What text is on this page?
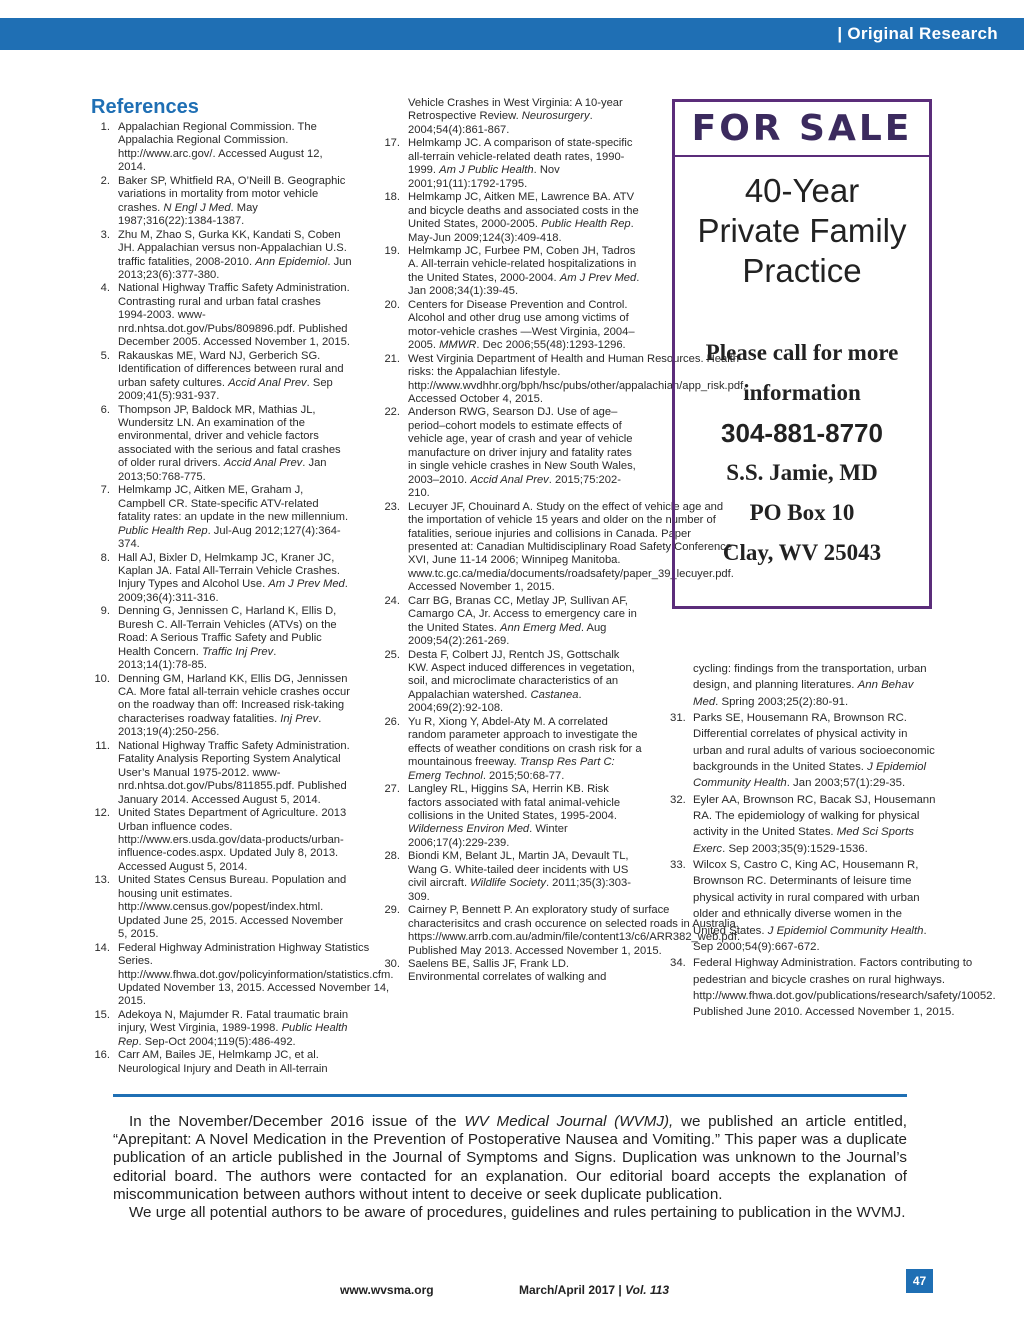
| Original Research
References
1. Appalachian Regional Commission. The Appalachia Regional Commission. http://www.arc.gov/. Accessed August 12, 2014.
2. Baker SP, Whitfield RA, O’Neill B. Geographic variations in mortality from motor vehicle crashes. N Engl J Med. May 1987;316(22):1384-1387.
3. Zhu M, Zhao S, Gurka KK, Kandati S, Coben JH. Appalachian versus non-Appalachian U.S. traffic fatalities, 2008-2010. Ann Epidemiol. Jun 2013;23(6):377-380.
4. National Highway Traffic Safety Administration. Contrasting rural and urban fatal crashes 1994-2003. www-nrd.nhtsa.dot.gov/Pubs/809896.pdf. Published December 2005. Accessed November 1, 2015.
5. Rakauskas ME, Ward NJ, Gerberich SG. Identification of differences between rural and urban safety cultures. Accid Anal Prev. Sep 2009;41(5):931-937.
6. Thompson JP, Baldock MR, Mathias JL, Wundersitz LN. An examination of the environmental, driver and vehicle factors associated with the serious and fatal crashes of older rural drivers. Accid Anal Prev. Jan 2013;50:768-775.
7. Helmkamp JC, Aitken ME, Graham J, Campbell CR. State-specific ATV-related fatality rates: an update in the new millennium. Public Health Rep. Jul-Aug 2012;127(4):364-374.
8. Hall AJ, Bixler D, Helmkamp JC, Kraner JC, Kaplan JA. Fatal All-Terrain Vehicle Crashes. Injury Types and Alcohol Use. Am J Prev Med. 2009;36(4):311-316.
9. Denning G, Jennissen C, Harland K, Ellis D, Buresh C. All-Terrain Vehicles (ATVs) on the Road: A Serious Traffic Safety and Public Health Concern. Traffic Inj Prev. 2013;14(1):78-85.
10. Denning GM, Harland KK, Ellis DG, Jennissen CA. More fatal all-terrain vehicle crashes occur on the roadway than off: Increased risk-taking characterises roadway fatalities. Inj Prev. 2013;19(4):250-256.
11. National Highway Traffic Safety Administration. Fatality Analysis Reporting System Analytical User’s Manual 1975-2012. www-nrd.nhtsa.dot.gov/Pubs/811855.pdf. Published January 2014. Accessed August 5, 2014.
12. United States Department of Agriculture. 2013 Urban influence codes. http://www.ers.usda.gov/data-products/urban-influence-codes.aspx. Updated July 8, 2013. Accessed August 5, 2014.
13. United States Census Bureau. Population and housing unit estimates. http://www.census.gov/popest/index.html. Updated June 25, 2015. Accessed November 5, 2015.
14. Federal Highway Administration Highway Statistics Series. http://www.fhwa.dot.gov/policyinformation/statistics.cfm. Updated November 13, 2015. Accessed November 14, 2015.
15. Adekoya N, Majumder R. Fatal traumatic brain injury, West Virginia, 1989-1998. Public Health Rep. Sep-Oct 2004;119(5):486-492.
16. Carr AM, Bailes JE, Helmkamp JC, et al. Neurological Injury and Death in All-terrain
Vehicle Crashes in West Virginia: A 10-year Retrospective Review. Neurosurgery. 2004;54(4):861-867.
17. Helmkamp JC. A comparison of state-specific all-terrain vehicle-related death rates, 1990-1999. Am J Public Health. Nov 2001;91(11):1792-1795.
18. Helmkamp JC, Aitken ME, Lawrence BA. ATV and bicycle deaths and associated costs in the United States, 2000-2005. Public Health Rep. May-Jun 2009;124(3):409-418.
19. Helmkamp JC, Furbee PM, Coben JH, Tadros A. All-terrain vehicle-related hospitalizations in the United States, 2000-2004. Am J Prev Med. Jan 2008;34(1):39-45.
20. Centers for Disease Prevention and Control. Alcohol and other drug use among victims of motor-vehicle crashes —West Virginia, 2004–2005. MMWR. Dec 2006;55(48):1293-1296.
21. West Virginia Department of Health and Human Resources. Health risks: the Appalachian lifestyle. http://www.wvdhhr.org/bph/hsc/pubs/other/appalachian/app_risk.pdf. Accessed October 4, 2015.
22. Anderson RWG, Searson DJ. Use of age–period–cohort models to estimate effects of vehicle age, year of crash and year of vehicle manufacture on driver injury and fatality rates in single vehicle crashes in New South Wales, 2003–2010. Accid Anal Prev. 2015;75:202-210.
23. Lecuyer JF, Chouinard A. Study on the effect of vehicle age and the importation of vehicle 15 years and older on the number of fatalities, serioue injuries and collisions in Canada. Paper presented at: Canadian Multidisciplinary Road Safety Conference XVI, June 11-14 2006; Winnipeg Manitoba. www.tc.gc.ca/media/documents/roadsafety/paper_39_lecuyer.pdf. Accessed November 1, 2015.
24. Carr BG, Branas CC, Metlay JP, Sullivan AF, Camargo CA, Jr. Access to emergency care in the United States. Ann Emerg Med. Aug 2009;54(2):261-269.
25. Desta F, Colbert JJ, Rentch JS, Gottschalk KW. Aspect induced differences in vegetation, soil, and microclimate characteristics of an Appalachian watershed. Castanea. 2004;69(2):92-108.
26. Yu R, Xiong Y, Abdel-Aty M. A correlated random parameter approach to investigate the effects of weather conditions on crash risk for a mountainous freeway. Transp Res Part C: Emerg Technol. 2015;50:68-77.
27. Langley RL, Higgins SA, Herrin KB. Risk factors associated with fatal animal-vehicle collisions in the United States, 1995-2004. Wilderness Environ Med. Winter 2006;17(4):229-239.
28. Biondi KM, Belant JL, Martin JA, Devault TL, Wang G. White-tailed deer incidents with US civil aircraft. Wildlife Society. 2011;35(3):303-309.
29. Cairney P, Bennett P. An exploratory study of surface characterisitcs and crash occurence on selected roads in Australia. https://www.arrb.com.au/admin/file/content13/c6/ARR382_web.pdf. Published May 2013. Accessed November 1, 2015.
30. Saelens BE, Sallis JF, Frank LD. Environmental correlates of walking and
cycling: findings from the transportation, urban design, and planning literatures. Ann Behav Med. Spring 2003;25(2):80-91.
31. Parks SE, Housemann RA, Brownson RC. Differential correlates of physical activity in urban and rural adults of various socioeconomic backgrounds in the United States. J Epidemiol Community Health. Jan 2003;57(1):29-35.
32. Eyler AA, Brownson RC, Bacak SJ, Housemann RA. The epidemiology of walking for physical activity in the United States. Med Sci Sports Exerc. Sep 2003;35(9):1529-1536.
33. Wilcox S, Castro C, King AC, Housemann R, Brownson RC. Determinants of leisure time physical activity in rural compared with urban older and ethnically diverse women in the United States. J Epidemiol Community Health. Sep 2000;54(9):667-672.
34. Federal Highway Administration. Factors contributing to pedestrian and bicycle crashes on rural highways. http://www.fhwa.dot.gov/publications/research/safety/10052. Published June 2010. Accessed November 1, 2015.
FOR SALE
40-Year
Private Family
Practice
Please call for more
information
304-881-8770
S.S. Jamie, MD
PO Box 10
Clay, WV 25043

In the November/December 2016 issue of the WV Medical Journal (WVMJ), we published an article entitled, “Aprepitant: A Novel Medication in the Prevention of Postoperative Nausea and Vomiting.” This paper was a duplicate publication of an article published in the Journal of Symptoms and Signs. Duplication was unknown to the Journal’s editorial board. The authors were contacted for an explanation. Our editorial board accepts the explanation of miscommunication between authors without intent to deceive or seek duplicate publication.

We urge all potential authors to be aware of procedures, guidelines and rules pertaining to publication in the WVMJ.

www.wvsma.org	March/April 2017 | Vol. 113
47
